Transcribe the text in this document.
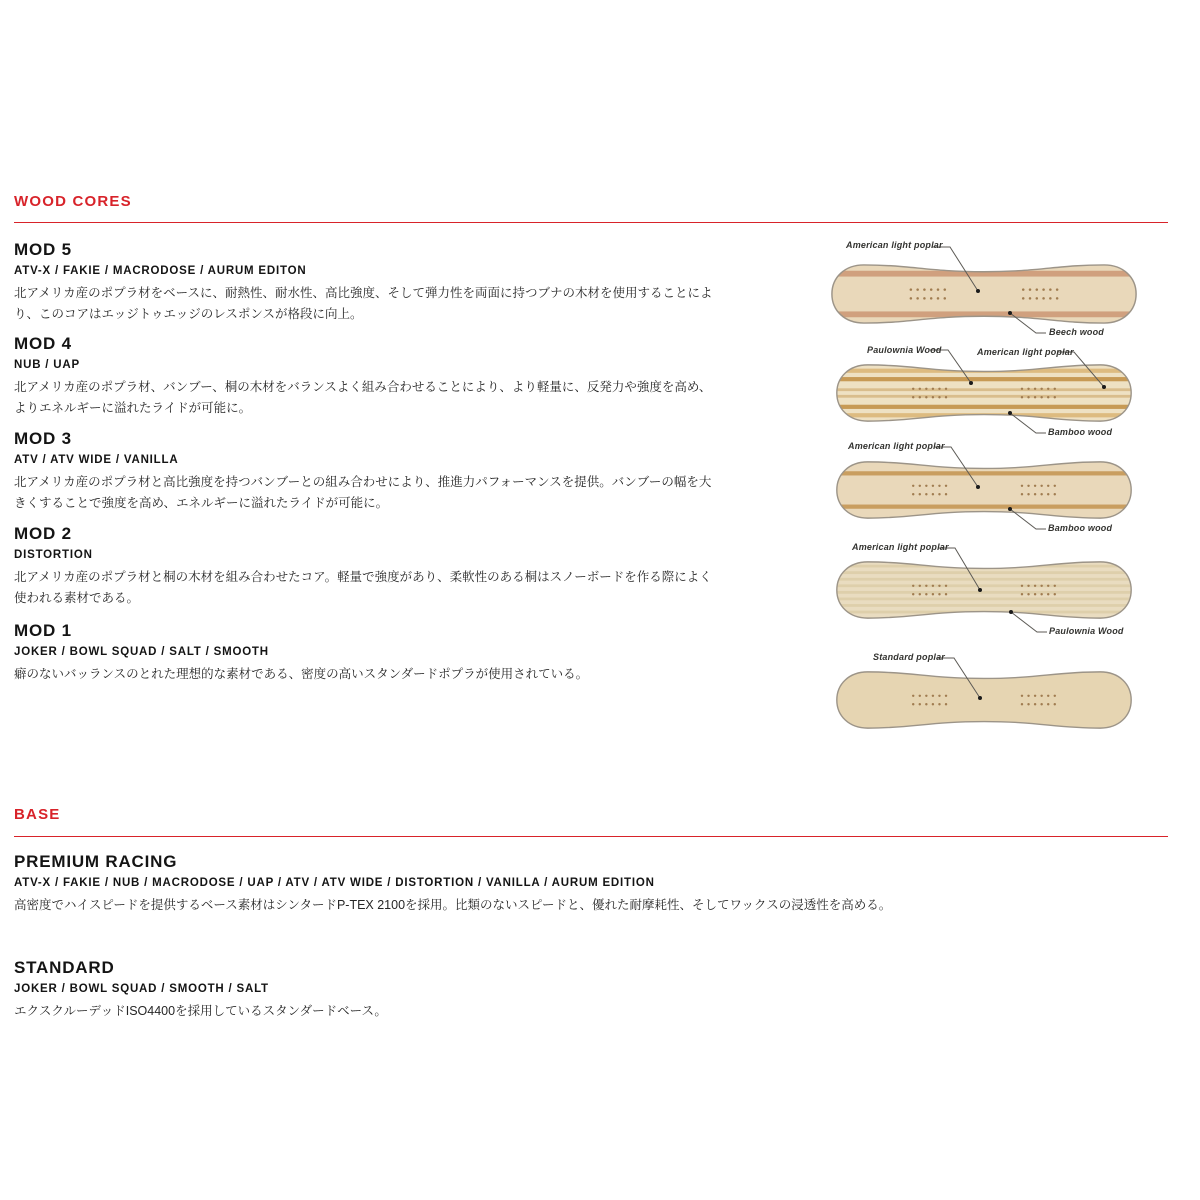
WOOD CORES
MOD 5
ATV-X / FAKIE / MACRODOSE / AURUM EDITON
北アメリカ産のポプラ材をベースに、耐熱性、耐水性、高比強度、そして弾力性を両面に持つブナの木材を使用することにより、このコアはエッジトゥエッジのレスポンスが格段に向上。
MOD 4
NUB / UAP
北アメリカ産のポプラ材、バンブー、桐の木材をバランスよく組み合わせることにより、より軽量に、反発力や強度を高め、よりエネルギーに溢れたライドが可能に。
MOD 3
ATV / ATV WIDE / VANILLA
北アメリカ産のポプラ材と高比強度を持つバンブーとの組み合わせにより、推進力パフォーマンスを提供。バンブーの幅を大きくすることで強度を高め、エネルギーに溢れたライドが可能に。
MOD 2
DISTORTION
北アメリカ産のポプラ材と桐の木材を組み合わせたコア。軽量で強度があり、柔軟性のある桐はスノーボードを作る際によく使われる素材である。
MOD 1
JOKER / BOWL SQUAD / SALT / SMOOTH
癖のないバッランスのとれた理想的な素材である、密度の高いスタンダードポプラが使用されている。
American light poplar
Beech wood
Paulownia Wood	American light poplar
Bamboo wood
American light poplar
Bamboo wood
American light poplar
Paulownia Wood
Standard poplar
BASE
PREMIUM RACING
ATV-X / FAKIE / NUB / MACRODOSE / UAP / ATV / ATV WIDE / DISTORTION / VANILLA / AURUM EDITION
高密度でハイスピードを提供するベース素材はシンタードP-TEX 2100を採用。比類のないスピードと、優れた耐摩耗性、そしてワックスの浸透性を高める。
STANDARD
JOKER / BOWL SQUAD / SMOOTH / SALT
エクスクルーデッドISO4400を採用しているスタンダードベース。
